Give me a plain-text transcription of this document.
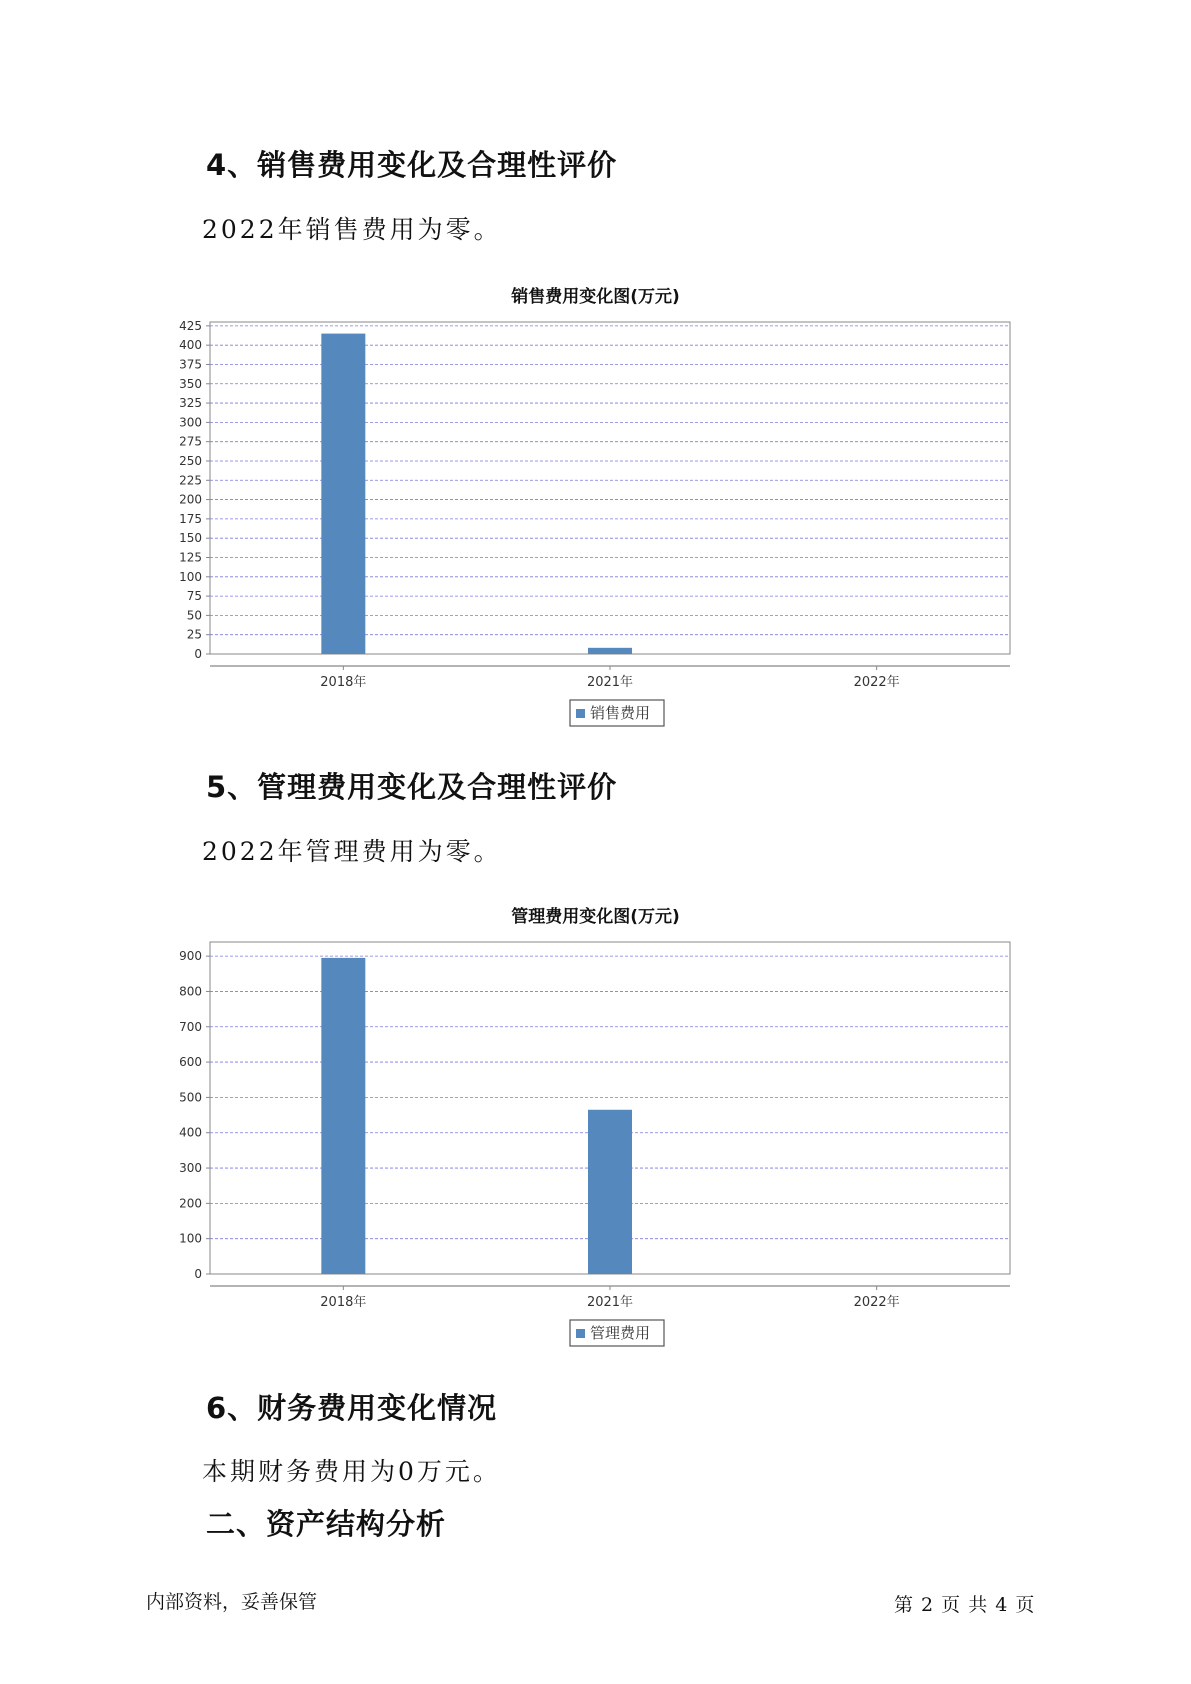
4、销售费用变化及合理性评价

2022年销售费用为零。

销售费用变化图(万元)
0
25
50
75
100
125
150
175
200
225
250
275
300
325
350
375
400
425
2018年	2021年	2022年
销售费用
5、管理费用变化及合理性评价

2022年管理费用为零。

管理费用变化图(万元)
0
100
200
300
400
500
600
700
800
900
2018年	2021年	2022年
管理费用
6、财务费用变化情况

本期财务费用为0万元。

二、资产结构分析
内部资料，妥善保管	第 2 页 共 4 页
